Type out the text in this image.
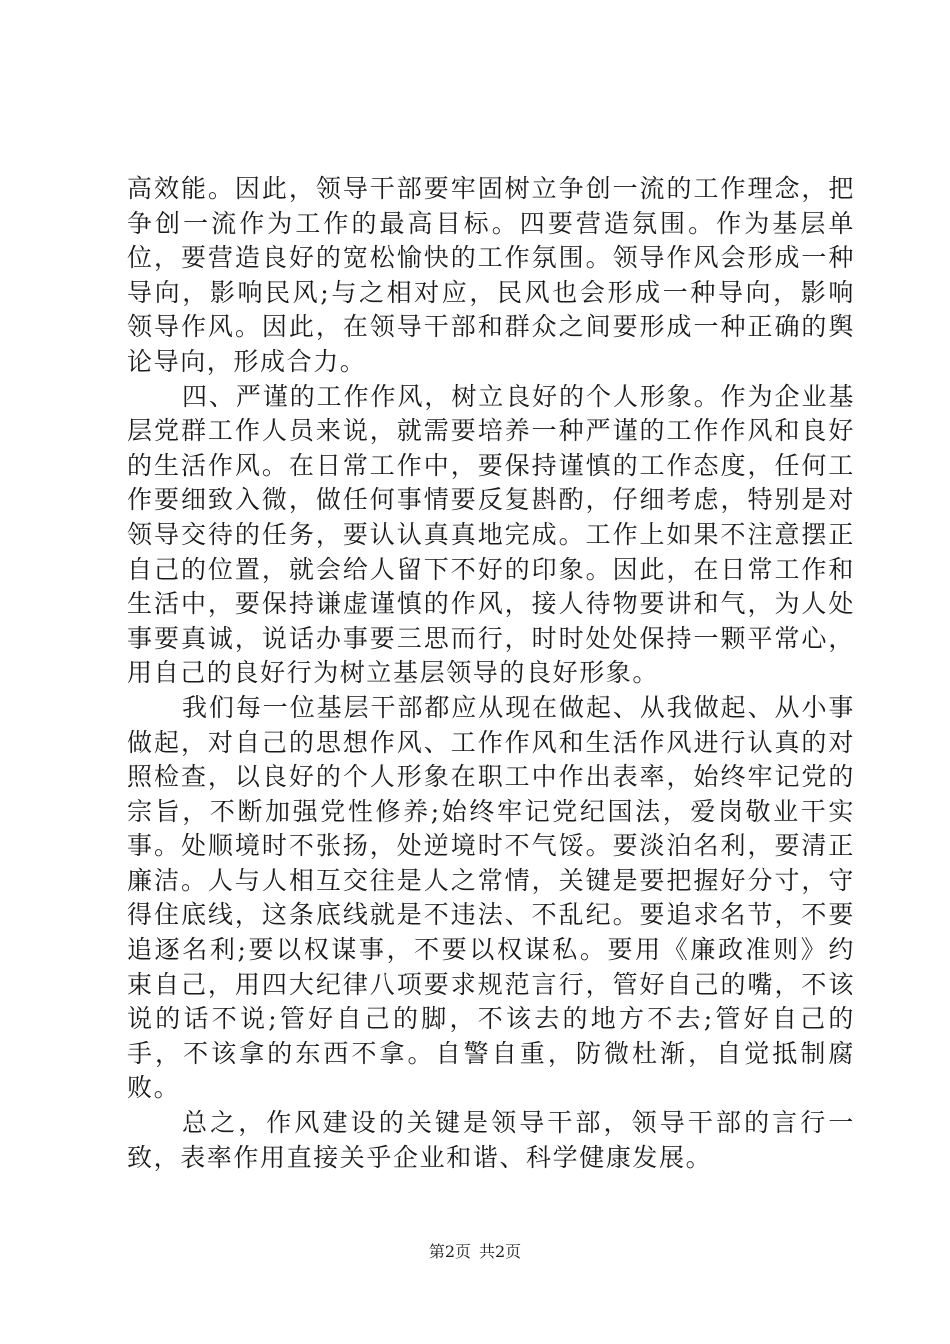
高效能。因此，领导干部要牢固树立争创一流的工作理念，把争创一流作为工作的最高目标。四要营造氛围。作为基层单位，要营造良好的宽松愉快的工作氛围。领导作风会形成一种导向，影响民风;与之相对应，民风也会形成一种导向，影响领导作风。因此，在领导干部和群众之间要形成一种正确的舆论导向，形成合力。

四、严谨的工作作风，树立良好的个人形象。作为企业基层党群工作人员来说，就需要培养一种严谨的工作作风和良好的生活作风。在日常工作中，要保持谨慎的工作态度，任何工作要细致入微，做任何事情要反复斟酌，仔细考虑，特别是对领导交待的任务，要认认真真地完成。工作上如果不注意摆正自己的位置，就会给人留下不好的印象。因此，在日常工作和生活中，要保持谦虚谨慎的作风，接人待物要讲和气，为人处事要真诚，说话办事要三思而行，时时处处保持一颗平常心，用自己的良好行为树立基层领导的良好形象。

我们每一位基层干部都应从现在做起、从我做起、从小事做起，对自己的思想作风、工作作风和生活作风进行认真的对照检查，以良好的个人形象在职工中作出表率，始终牢记党的宗旨，不断加强党性修养;始终牢记党纪国法，爱岗敬业干实事。处顺境时不张扬，处逆境时不气馁。要淡泊名利，要清正廉洁。人与人相互交往是人之常情，关键是要把握好分寸，守得住底线，这条底线就是不违法、不乱纪。要追求名节，不要追逐名利;要以权谋事，不要以权谋私。要用《廉政准则》约束自己，用四大纪律八项要求规范言行，管好自己的嘴，不该说的话不说;管好自己的脚，不该去的地方不去;管好自己的手，不该拿的东西不拿。自警自重，防微杜渐，自觉抵制腐败。

总之，作风建设的关键是领导干部，领导干部的言行一致，表率作用直接关乎企业和谐、科学健康发展。

第2页 共2页
